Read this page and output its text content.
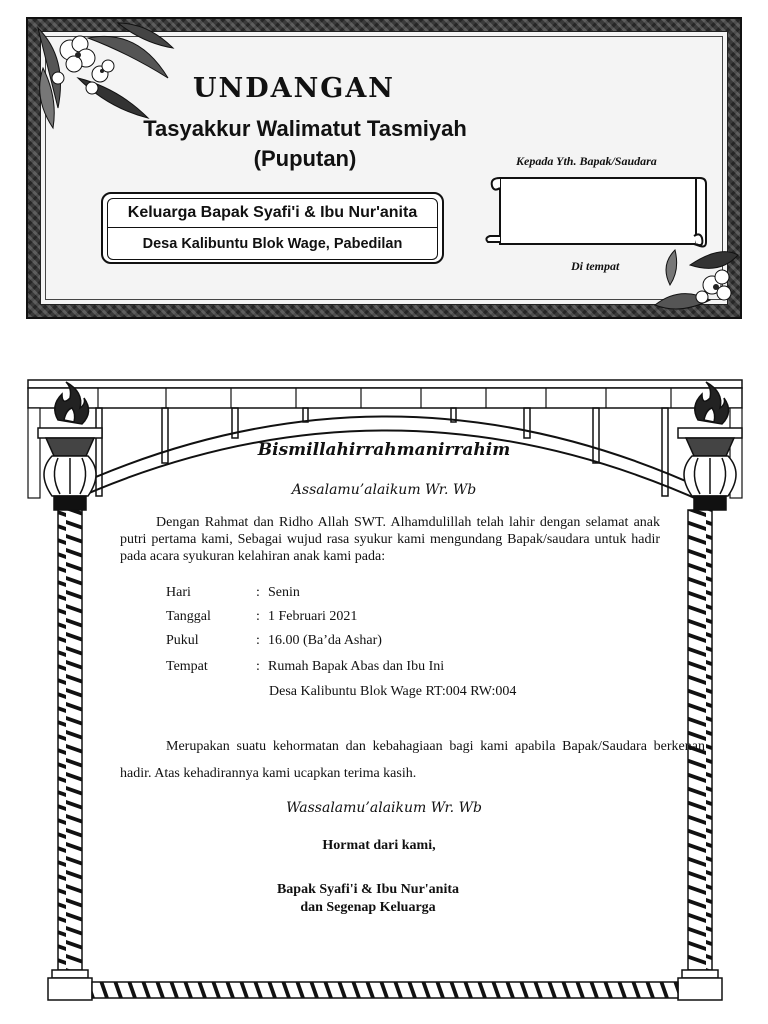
UNDANGAN
Tasyakkur Walimatut Tasmiyah
(Puputan)
Keluarga Bapak Syafi'i & Ibu Nur'anita
Desa Kalibuntu Blok Wage, Pabedilan
Kepada Yth. Bapak/Saudara
Di tempat
Bismillahirrahmanirrahim
Assalamu’alaikum Wr. Wb
Dengan Rahmat dan Ridho Allah SWT. Alhamdulillah telah lahir dengan selamat anak putri pertama kami, Sebagai wujud rasa syukur kami mengundang Bapak/saudara untuk hadir pada acara syukuran kelahiran anak kami pada:
Hari	: Senin
Tanggal	: 1 Februari 2021
Pukul	: 16.00 (Ba’da Ashar)
Tempat	: Rumah Bapak Abas dan Ibu Ini
Desa Kalibuntu Blok Wage RT:004 RW:004
Merupakan suatu kehormatan dan kebahagiaan bagi kami apabila Bapak/Saudara berkenan hadir. Atas kehadirannya kami ucapkan terima kasih.
Wassalamu’alaikum Wr. Wb
Hormat dari kami,
Bapak Syafi'i & Ibu Nur'anita
dan Segenap Keluarga
